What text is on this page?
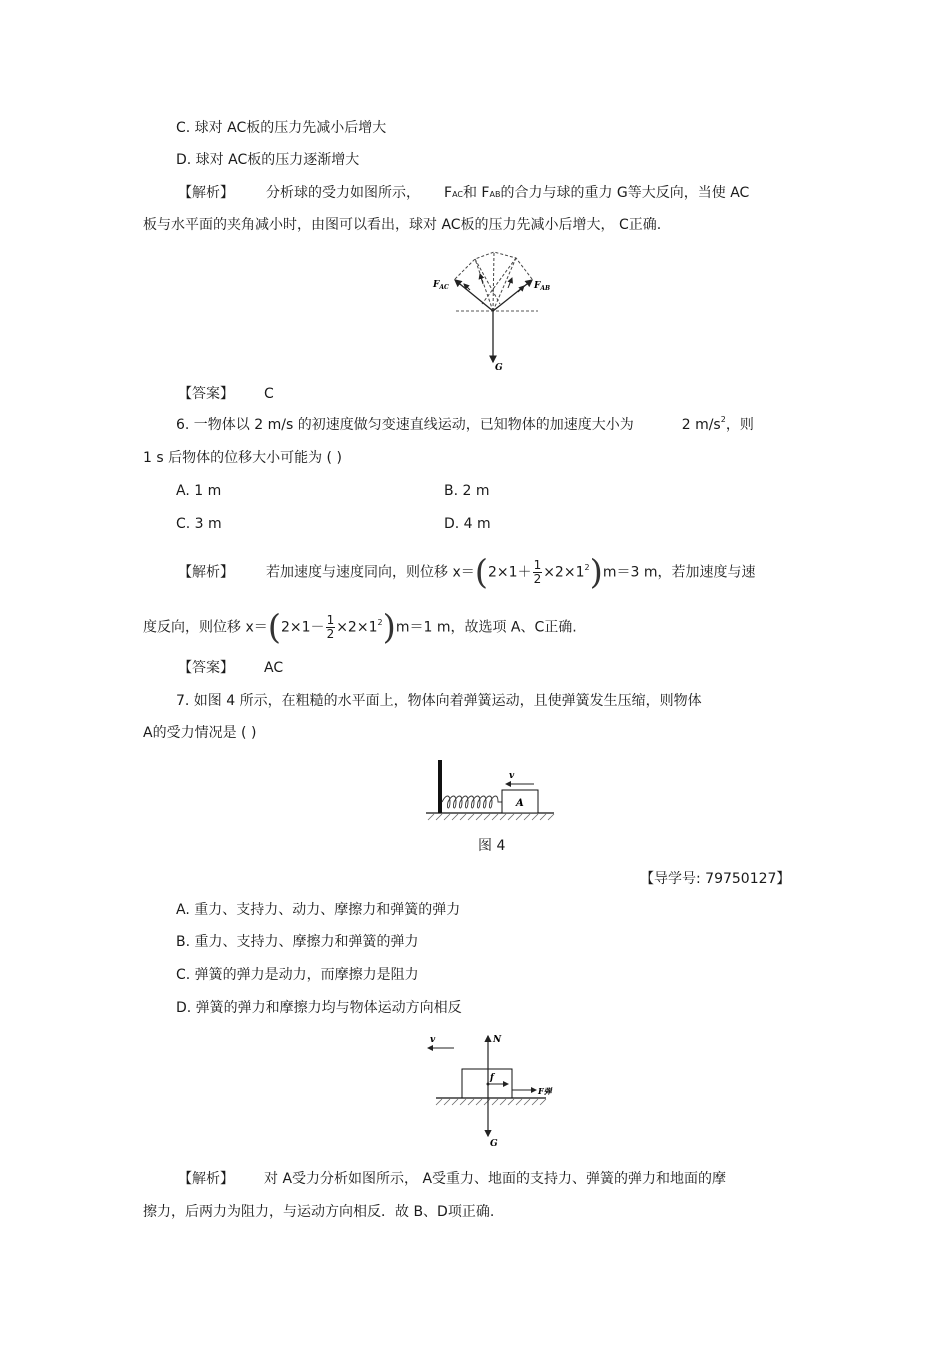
C. 球对 AC板的压力先减小后增大
D. 球对 AC板的压力逐渐增大
【解析】 分析球的受力如图所示， FAC和 FAB的合力与球的重力 G等大反向，当使 AC
板与水平面的夹角减小时，由图可以看出，球对 AC板的压力先减小后增大， C正确.
$F_{AC}$	$F_{AB}$
G
【答案】 C
6. 一物体以 2 m/s 的初速度做匀变速直线运动，已知物体的加速度大小为	2 $m/s^2$，则
1 s 后物体的位移大小可能为 ( )
A. 1 m	B. 2 m
C. 3 m	D. 4 m
【解析】 若加速度与速度同向，则位移 $x=(2\times 1+ \frac{1}{2} \times 2\times 1^2)m=3$ m，若加速度与速
度反向，则位移 $x=(2\times 1- \frac{1}{2} \times 2\times 1^2)m=1$ m，故选项 A、C正确.
【答案】 AC
7. 如图 4 所示，在粗糙的水平面上，物体向着弹簧运动，且使弹簧发生压缩，则物体
A的受力情况是 ( )
A
v
图 4
【导学号: 79750127】
A. 重力、支持力、动力、摩擦力和弹簧的弹力
B. 重力、支持力、摩擦力和弹簧的弹力
C. 弹簧的弹力是动力，而摩擦力是阻力
D. 弹簧的弹力和摩擦力均与物体运动方向相反
v	N
G
f
F弹
【解析】 对 A受力分析如图所示， A受重力、地面的支持力、弹簧的弹力和地面的摩
擦力，后两力为阻力，与运动方向相反．故 B、D项正确.
